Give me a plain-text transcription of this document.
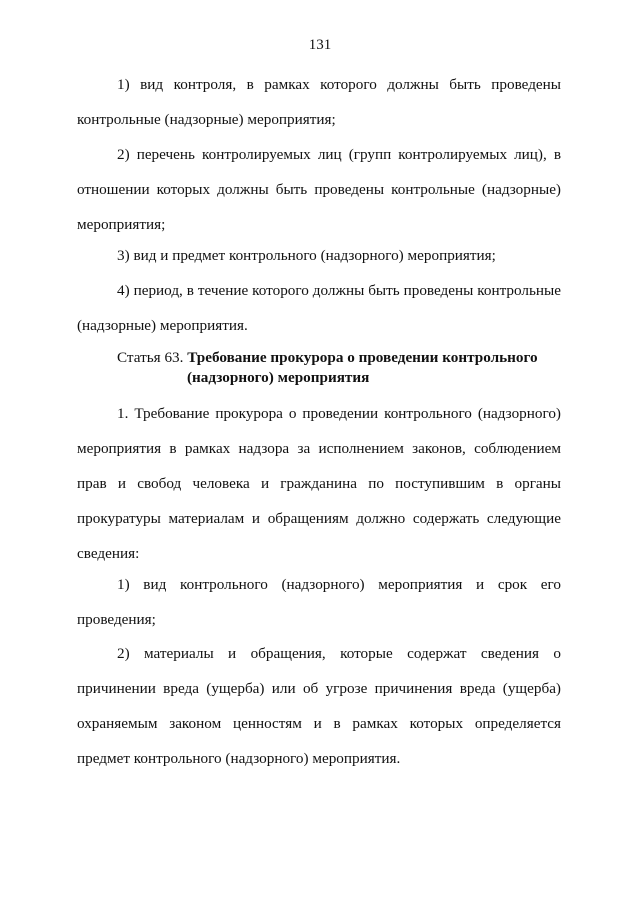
131
1) вид контроля, в рамках которого должны быть проведены контрольные (надзорные) мероприятия;
2) перечень контролируемых лиц (групп контролируемых лиц), в отношении которых должны быть проведены контрольные (надзорные) мероприятия;
3) вид и предмет контрольного (надзорного) мероприятия;
4) период, в течение которого должны быть проведены контрольные (надзорные) мероприятия.
Статья 63. Требование прокурора о проведении контрольного
(надзорного) мероприятия
1. Требование прокурора о проведении контрольного (надзорного) мероприятия в рамках надзора за исполнением законов, соблюдением прав и свобод человека и гражданина по поступившим в органы прокуратуры материалам и обращениям должно содержать следующие сведения:
1) вид контрольного (надзорного) мероприятия и срок его проведения;
2) материалы и обращения, которые содержат сведения о причинении вреда (ущерба) или об угрозе причинения вреда (ущерба) охраняемым законом ценностям и в рамках которых определяется предмет контрольного (надзорного) мероприятия.
